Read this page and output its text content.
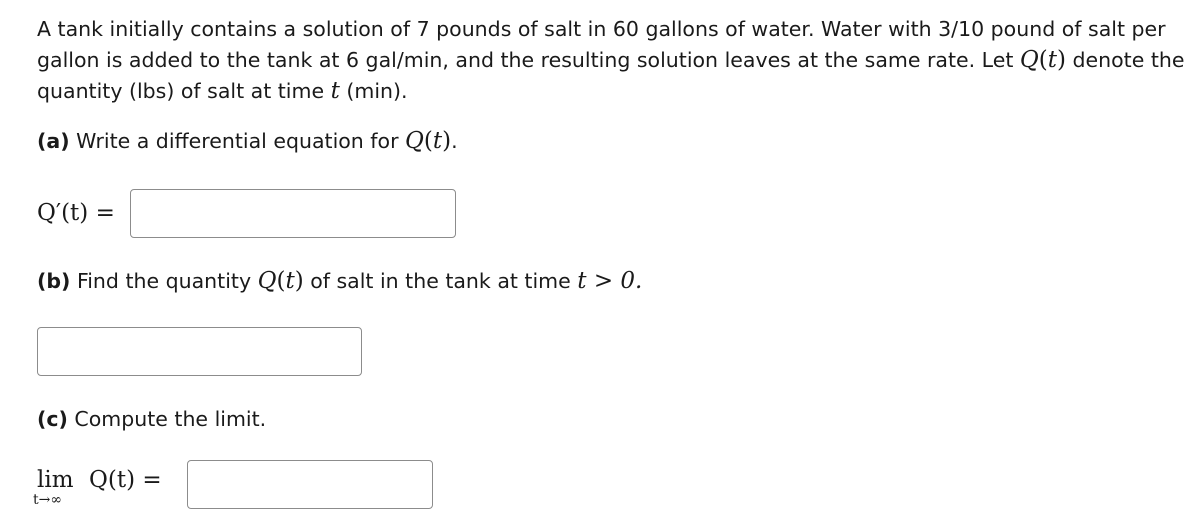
A tank initially contains a solution of 7 pounds of salt in 60 gallons of water. Water with 3/10 pound of salt per gallon is added to the tank at 6 gal/min, and the resulting solution leaves at the same rate. Let Q(t) denote the quantity (lbs) of salt at time t (min).

(a) Write a differential equation for Q(t).

Q′(t) =

(b) Find the quantity Q(t) of salt in the tank at time t > 0.

(c) Compute the limit.

lim
t→∞
Q(t) =
